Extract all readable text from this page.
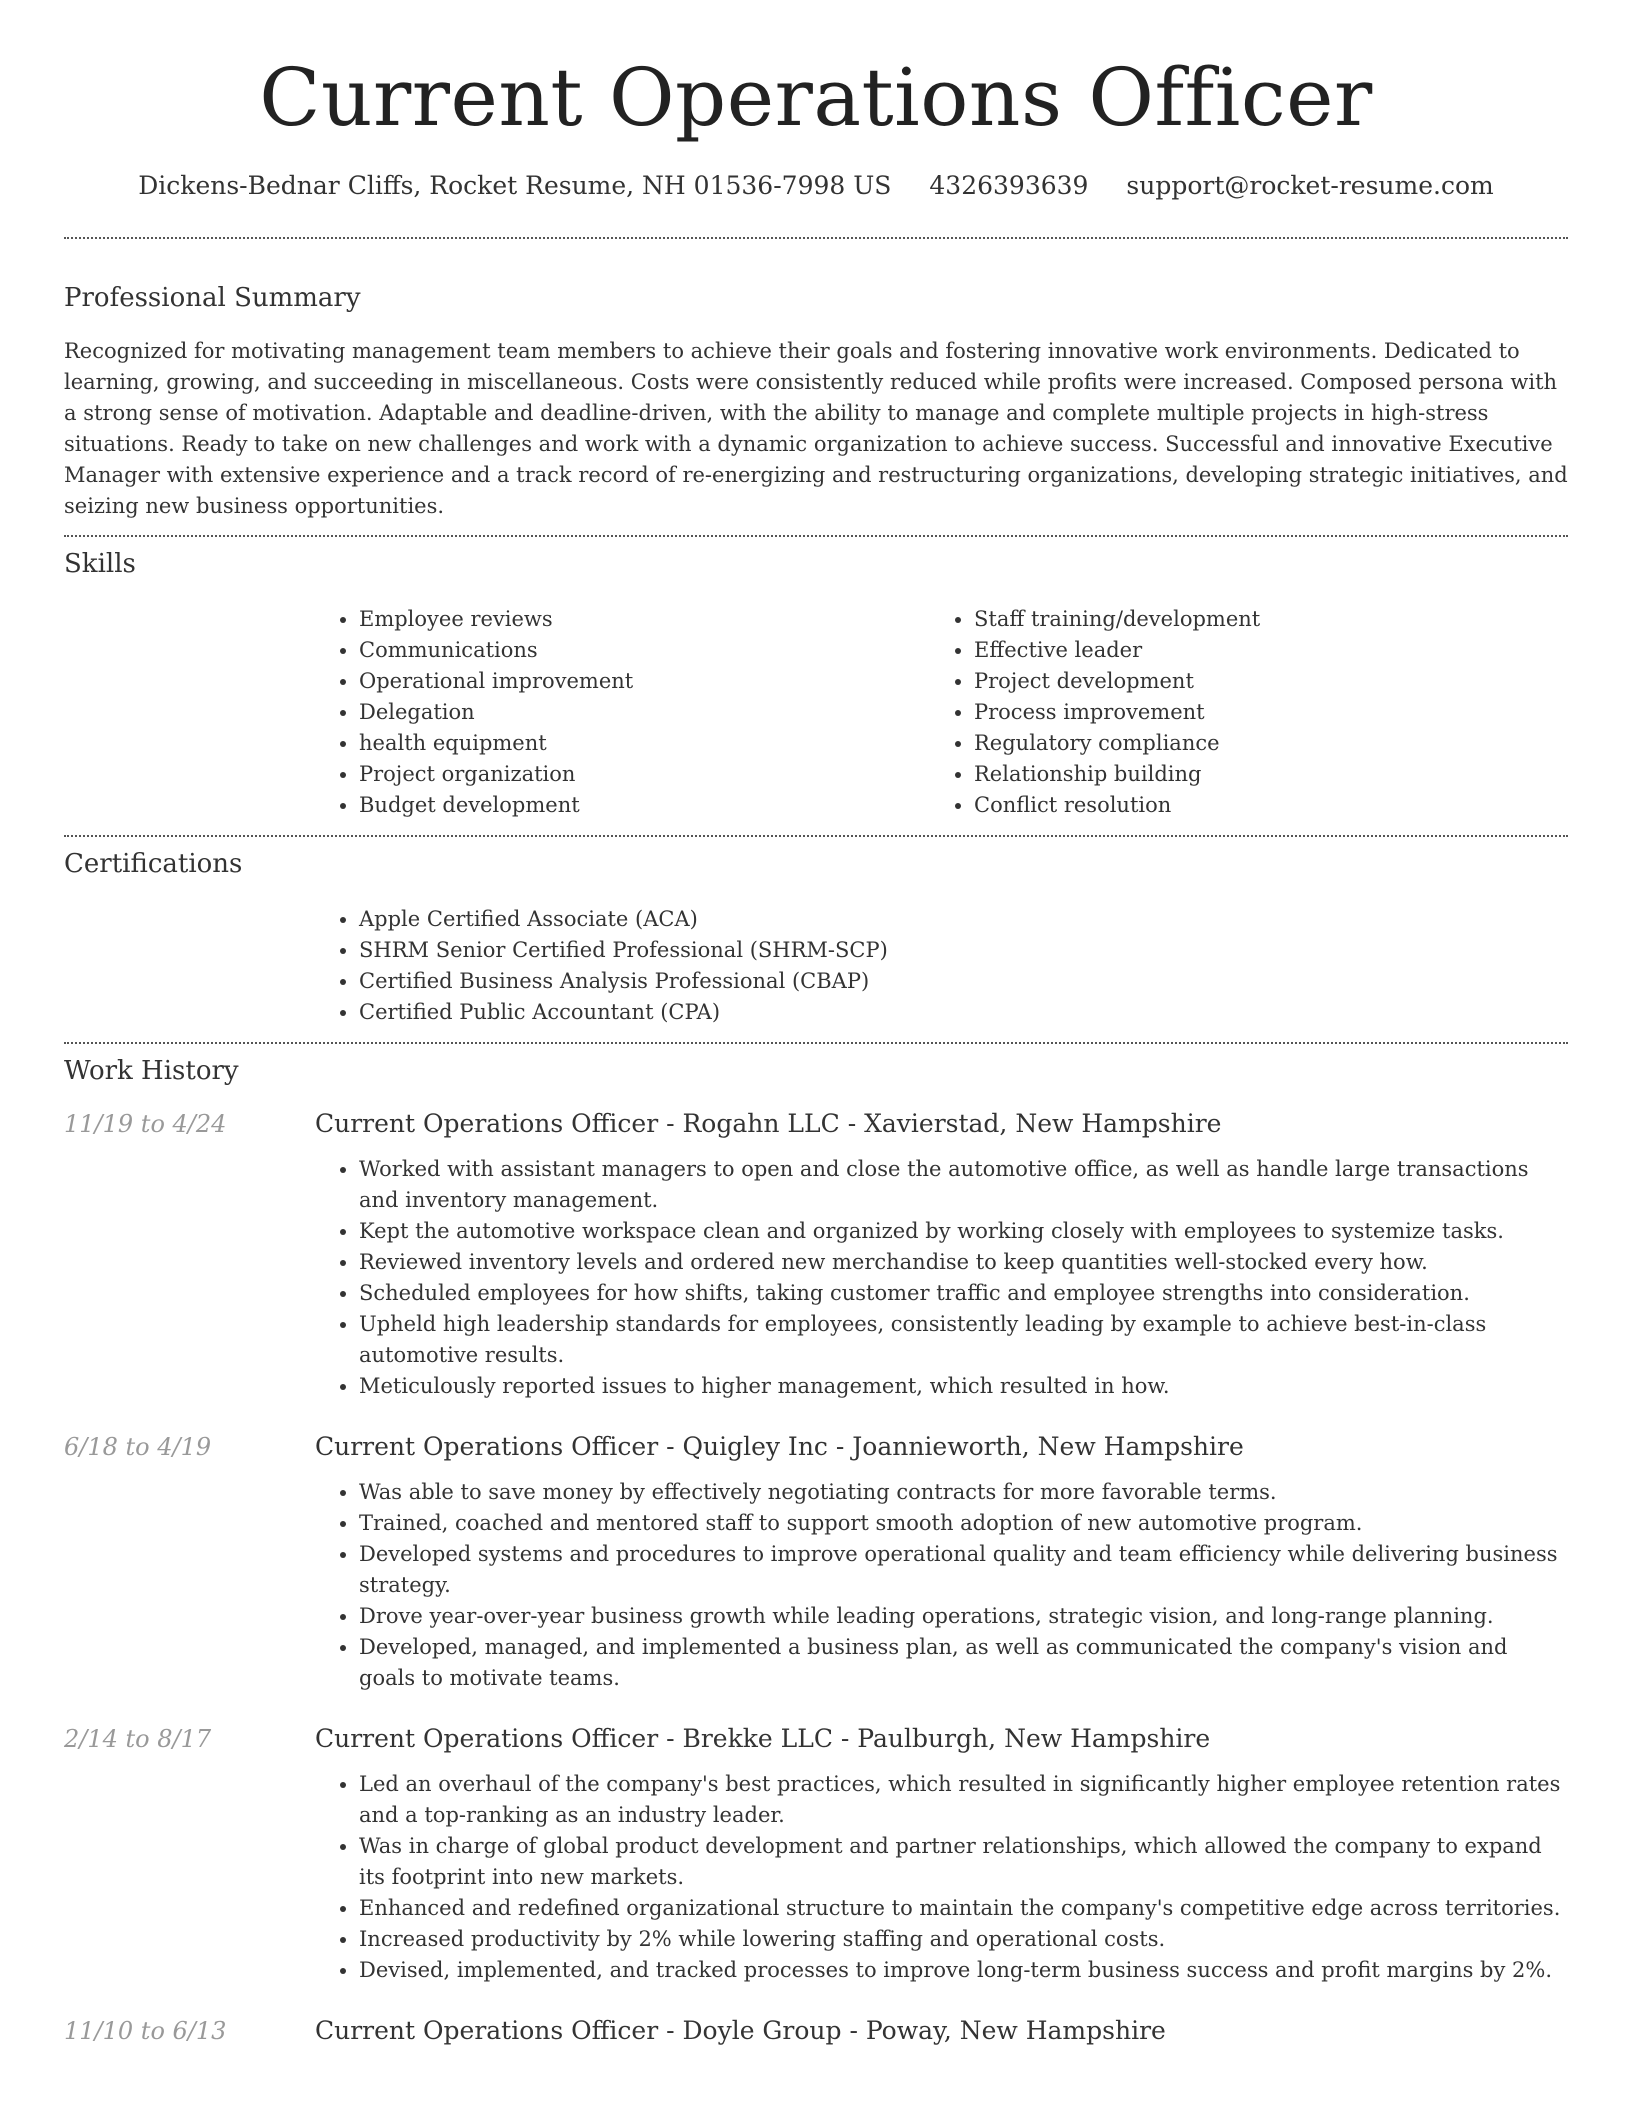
Current Operations Officer
Dickens-Bednar Cliffs, Rocket Resume, NH 01536-7998 US 4326393639 support@rocket-resume.com
Professional Summary

Recognized for motivating management team members to achieve their goals and fostering innovative work environments. Dedicated to learning, growing, and succeeding in miscellaneous. Costs were consistently reduced while profits were increased. Composed persona with a strong sense of motivation. Adaptable and deadline-driven, with the ability to manage and complete multiple projects in high-stress situations. Ready to take on new challenges and work with a dynamic organization to achieve success. Successful and innovative Executive Manager with extensive experience and a track record of re-energizing and restructuring organizations, developing strategic initiatives, and seizing new business opportunities.

Skills
• Employee reviews
• Communications
• Operational improvement
• Delegation
• health equipment
• Project organization
• Budget development
• Staff training/development
• Effective leader
• Project development
• Process improvement
• Regulatory compliance
• Relationship building
• Conflict resolution
Certifications
• Apple Certified Associate (ACA)
• SHRM Senior Certified Professional (SHRM-SCP)
• Certified Business Analysis Professional (CBAP)
• Certified Public Accountant (CPA)
Work History
11/19 to 4/24	Current Operations Officer - Rogahn LLC - Xavierstad, New Hampshire
• Worked with assistant managers to open and close the automotive office, as well as handle large transactions and inventory management.
• Kept the automotive workspace clean and organized by working closely with employees to systemize tasks.
• Reviewed inventory levels and ordered new merchandise to keep quantities well-stocked every how.
• Scheduled employees for how shifts, taking customer traffic and employee strengths into consideration.
• Upheld high leadership standards for employees, consistently leading by example to achieve best-in-class automotive results.
• Meticulously reported issues to higher management, which resulted in how.
6/18 to 4/19	Current Operations Officer - Quigley Inc - Joannieworth, New Hampshire
• Was able to save money by effectively negotiating contracts for more favorable terms.
• Trained, coached and mentored staff to support smooth adoption of new automotive program.
• Developed systems and procedures to improve operational quality and team efficiency while delivering business strategy.
• Drove year-over-year business growth while leading operations, strategic vision, and long-range planning.
• Developed, managed, and implemented a business plan, as well as communicated the company's vision and goals to motivate teams.
2/14 to 8/17	Current Operations Officer - Brekke LLC - Paulburgh, New Hampshire
• Led an overhaul of the company's best practices, which resulted in significantly higher employee retention rates and a top-ranking as an industry leader.
• Was in charge of global product development and partner relationships, which allowed the company to expand its footprint into new markets.
• Enhanced and redefined organizational structure to maintain the company's competitive edge across territories.
• Increased productivity by 2% while lowering staffing and operational costs.
• Devised, implemented, and tracked processes to improve long-term business success and profit margins by 2%.
11/10 to 6/13	Current Operations Officer - Doyle Group - Poway, New Hampshire
